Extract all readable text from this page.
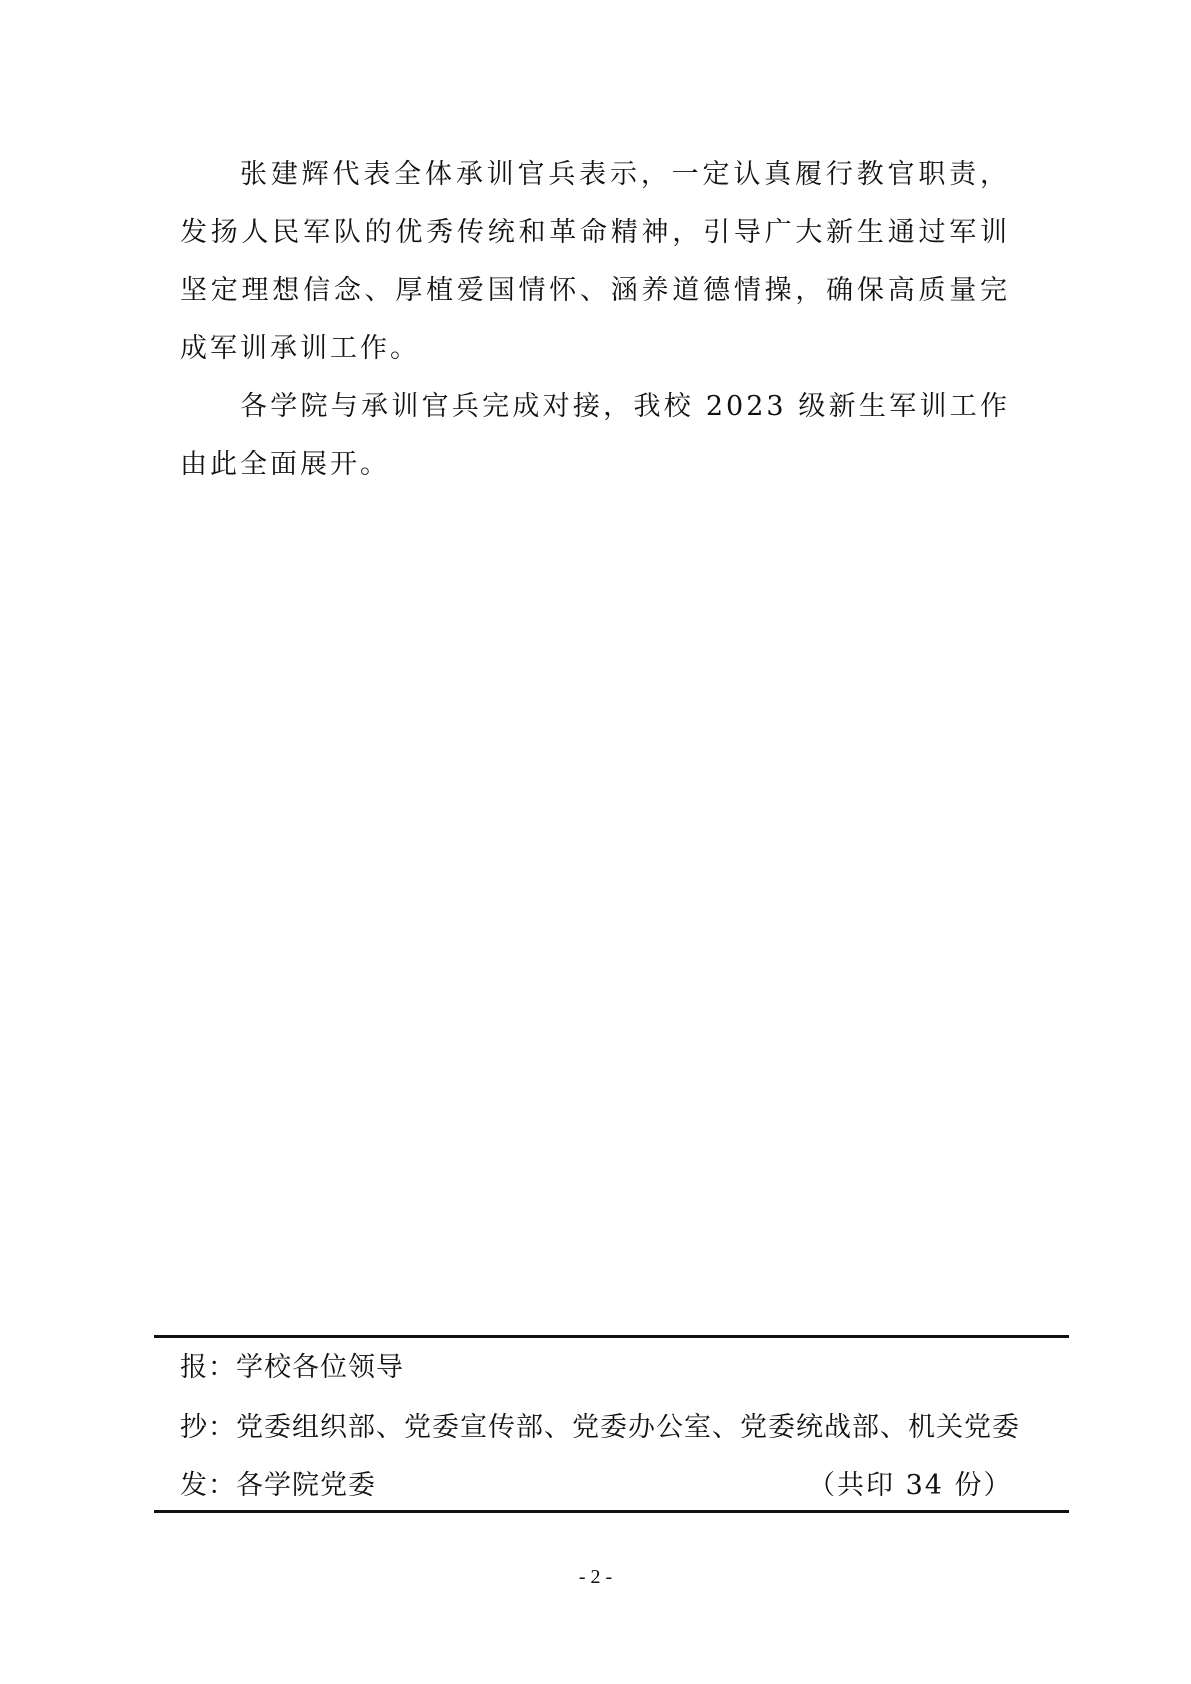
张建辉代表全体承训官兵表示，一定认真履行教官职责，发扬人民军队的优秀传统和革命精神，引导广大新生通过军训坚定理想信念、厚植爱国情怀、涵养道德情操，确保高质量完成军训承训工作。

各学院与承训官兵完成对接，我校 2023 级新生军训工作由此全面展开。

报：学校各位领导
抄：党委组织部、党委宣传部、党委办公室、党委统战部、机关党委
发：各学院党委	（共印 34 份）
- 2 -
